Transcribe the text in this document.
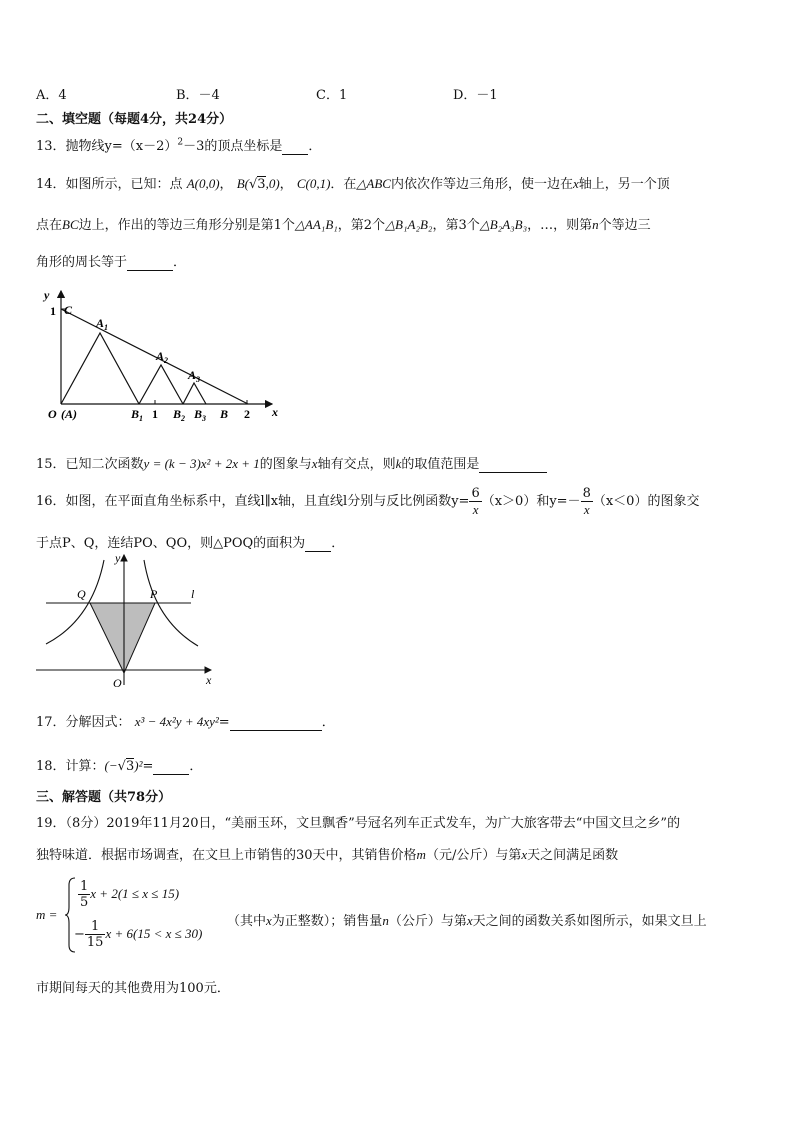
A．4	B．－4	C．1	D．－1
二、填空题（每题4分，共24分）
13．抛物线$y=(x-2)^2-3$的顶点坐标是 ．
14．如图所示，已知：点 A(0,0)， B(√3,0)， C(0,1)．在△ABC内依次作等边三角形，使一边在x轴上，另一个顶
点在BC边上，作出的等边三角形分别是第1个△AA₁B₁，第2个△B₁A₂B₂，第3个△B₂A₃B₃，…，则第n个等边三
角形的周长等于	．
y
x
1 C
$A_1$
$A_2$
$A_3$
O (A)	$B_1$ 1 $B_2$ $B_3$ B 2
15．已知二次函数y = (k − 3)x² + 2x + 1的图象与x轴有交点，则k的取值范围是
16．如图，在平面直角坐标系中，直线l∥x轴，且直线l分别与反比例函数$y= \frac{6}{x} (x>0)$和$y=- \frac{8}{x} (x<0)$的图象交
于点P、Q，连结PO、QO，则△POQ的面积为 ．
y
x
O
Q	P	l
17．分解因式： x³ − 4x²y + 4xy²=	．
18．计算：(−√3)²=	．
三、解答题（共78分）
19．（8分）2019年11月20日，“美丽玉环，文旦飘香”号冠名列车正式发车，为广大旅客带去“中国文旦之乡”的
独特味道．根据市场调查，在文旦上市销售的30天中，其销售价格m（元/公斤）与第x天之间满足函数
m =
$\frac{1}{5}$ x + 2(1 ≤ x ≤ 15)
− $\frac{1}{15}$ x + 6(15 < x ≤ 30)
（其中x为正整数）；销售量n（公斤）与第x天之间的函数关系如图所示，如果文旦上
市期间每天的其他费用为100元．
